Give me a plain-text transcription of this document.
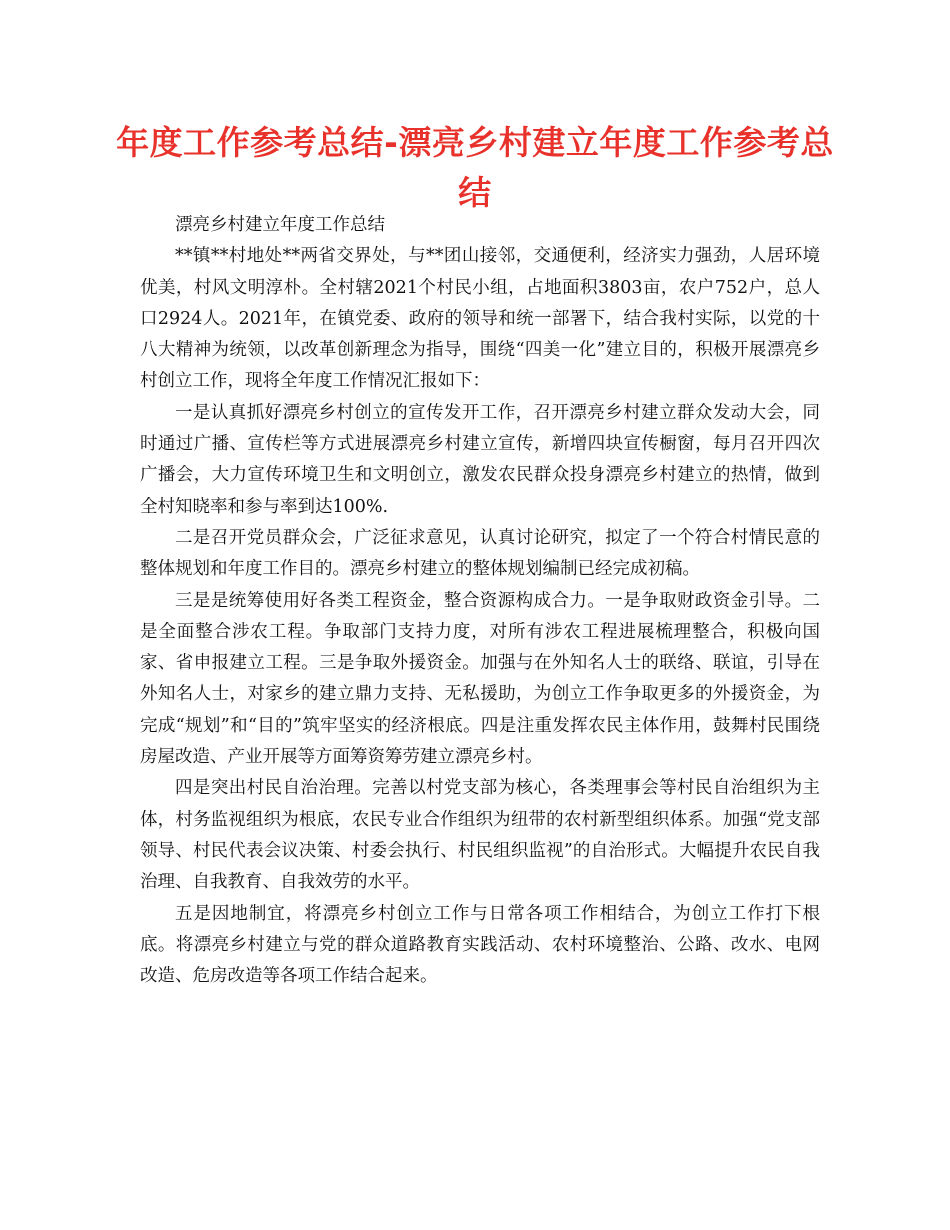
年度工作参考总结-漂亮乡村建立年度工作参考总结

漂亮乡村建立年度工作总结

**镇**村地处**两省交界处，与**团山接邻，交通便利，经济实力强劲，人居环境优美，村风文明淳朴。全村辖2021个村民小组，占地面积3803亩，农户752户，总人口2924人。2021年，在镇党委、政府的领导和统一部署下，结合我村实际，以党的十八大精神为统领，以改革创新理念为指导，围绕“四美一化”建立目的，积极开展漂亮乡村创立工作，现将全年度工作情况汇报如下：

一是认真抓好漂亮乡村创立的宣传发开工作，召开漂亮乡村建立群众发动大会，同时通过广播、宣传栏等方式进展漂亮乡村建立宣传，新增四块宣传橱窗，每月召开四次广播会，大力宣传环境卫生和文明创立，激发农民群众投身漂亮乡村建立的热情，做到全村知晓率和参与率到达100%.

二是召开党员群众会，广泛征求意见，认真讨论研究，拟定了一个符合村情民意的整体规划和年度工作目的。漂亮乡村建立的整体规划编制已经完成初稿。

三是是统筹使用好各类工程资金，整合资源构成合力。一是争取财政资金引导。二是全面整合涉农工程。争取部门支持力度，对所有涉农工程进展梳理整合，积极向国家、省申报建立工程。三是争取外援资金。加强与在外知名人士的联络、联谊，引导在外知名人士，对家乡的建立鼎力支持、无私援助，为创立工作争取更多的外援资金，为完成“规划”和“目的”筑牢坚实的经济根底。四是注重发挥农民主体作用，鼓舞村民围绕房屋改造、产业开展等方面筹资筹劳建立漂亮乡村。

四是突出村民自治治理。完善以村党支部为核心，各类理事会等村民自治组织为主体，村务监视组织为根底，农民专业合作组织为纽带的农村新型组织体系。加强“党支部领导、村民代表会议决策、村委会执行、村民组织监视”的自治形式。大幅提升农民自我治理、自我教育、自我效劳的水平。

五是因地制宜，将漂亮乡村创立工作与日常各项工作相结合，为创立工作打下根底。将漂亮乡村建立与党的群众道路教育实践活动、农村环境整治、公路、改水、电网改造、危房改造等各项工作结合起来。
